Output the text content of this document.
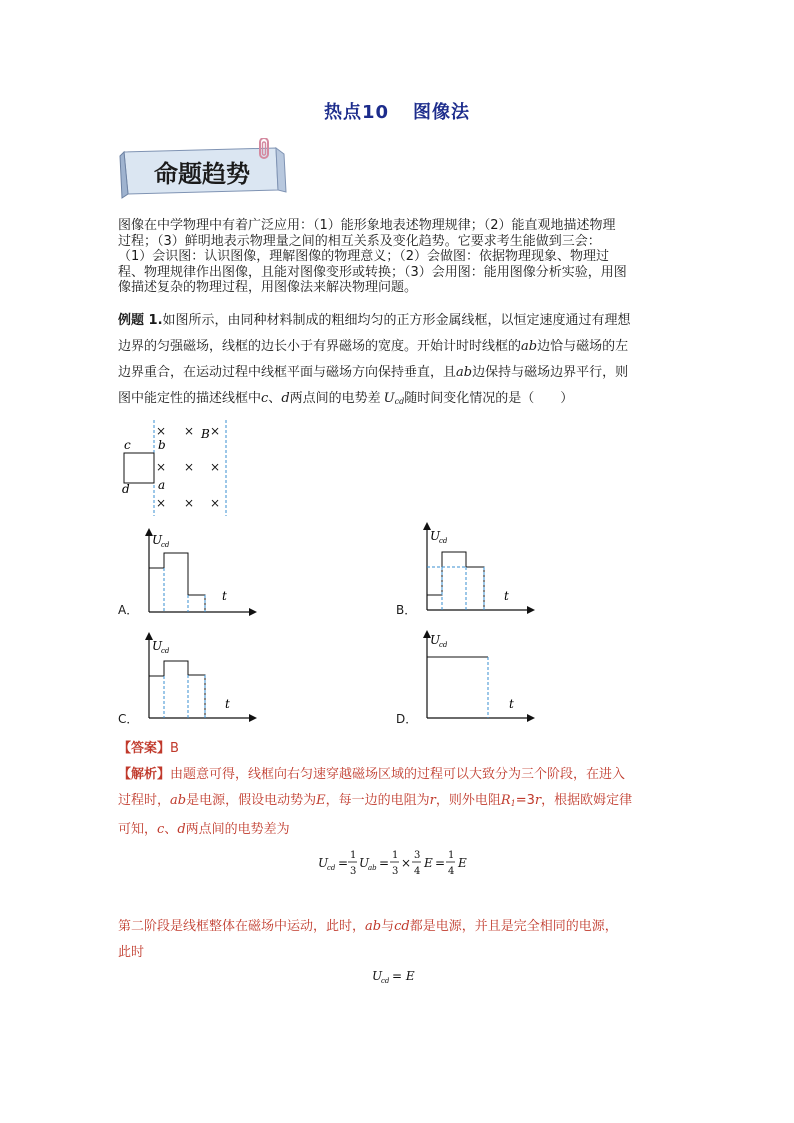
热点10 图像法
命题趋势

图像在中学物理中有着广泛应用：（1）能形象地表述物理规律；（2）能直观地描述物理

过程；（3）鲜明地表示物理量之间的相互关系及变化趋势。它要求考生能做到三会：

（1）会识图：认识图像，理解图像的物理意义；（2）会做图：依据物理现象、物理过

程、物理规律作出图像，且能对图像变形或转换；（3）会用图：能用图像分析实验，用图

像描述复杂的物理过程，用图像法来解决物理问题。

例题 1.如图所示，由同种材料制成的粗细均匀的正方形金属线框，以恒定速度通过有理想

边界的匀强磁场，线框的边长小于有界磁场的宽度。开始计时时线框的ab边恰与磁场的左

边界重合，在运动过程中线框平面与磁场方向保持垂直，且ab边保持与磁场边界平行，则

图中能定性的描述线框中c、d两点间的电势差 $U_{cd}$随时间变化情况的是（　　）

c b
B
a
d
× × ×
× × ×
× × ×
U
cd
t
A．
U
cd
t
B．
U
cd
t
C．
U
cd
t
D．
【答案】B

【解析】由题意可得，线框向右匀速穿越磁场区域的过程可以大致分为三个阶段，在进入

过程时，ab是电源，假设电动势为E，每一边的电阻为r，则外电阻$R_1=3r$，根据欧姆定律

可知，c、d两点间的电势差为

U
cd =
1
3
U
ab =
1
3
×
3
4
E =
1
4
E

第二阶段是线框整体在磁场中运动，此时，ab与cd都是电源，并且是完全相同的电源，

此时

U
cd = E
